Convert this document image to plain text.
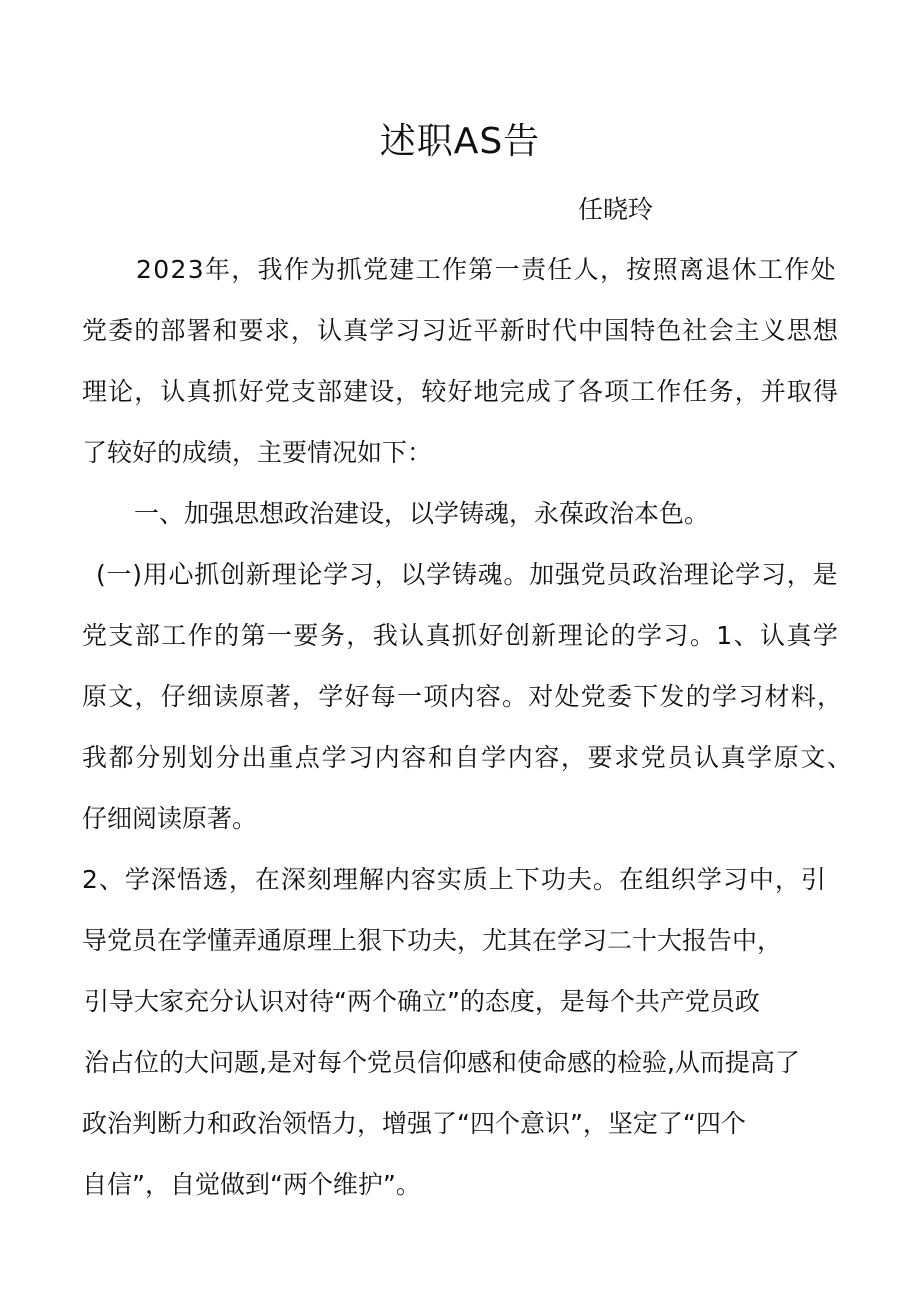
述职AS告
任晓玲
2023年，我作为抓党建工作第一责任人，按照离退休工作处
党委的部署和要求，认真学习习近平新时代中国特色社会主义思想
理论，认真抓好党支部建设，较好地完成了各项工作任务，并取得
了较好的成绩，主要情况如下：
一、加强思想政治建设，以学铸魂，永葆政治本色。
(一)用心抓创新理论学习，以学铸魂。加强党员政治理论学习，是
党支部工作的第一要务，我认真抓好创新理论的学习。1、认真学
原文，仔细读原著，学好每一项内容。对处党委下发的学习材料，
我都分别划分出重点学习内容和自学内容，要求党员认真学原文、
仔细阅读原著。
2、学深悟透，在深刻理解内容实质上下功夫。在组织学习中，引
导党员在学懂弄通原理上狠下功夫，尤其在学习二十大报告中，
引导大家充分认识对待“两个确立”的态度，是每个共产党员政
治占位的大问题,是对每个党员信仰感和使命感的检验,从而提高了
政治判断力和政治领悟力，增强了“四个意识”，坚定了“四个
自信”，自觉做到“两个维护”。
